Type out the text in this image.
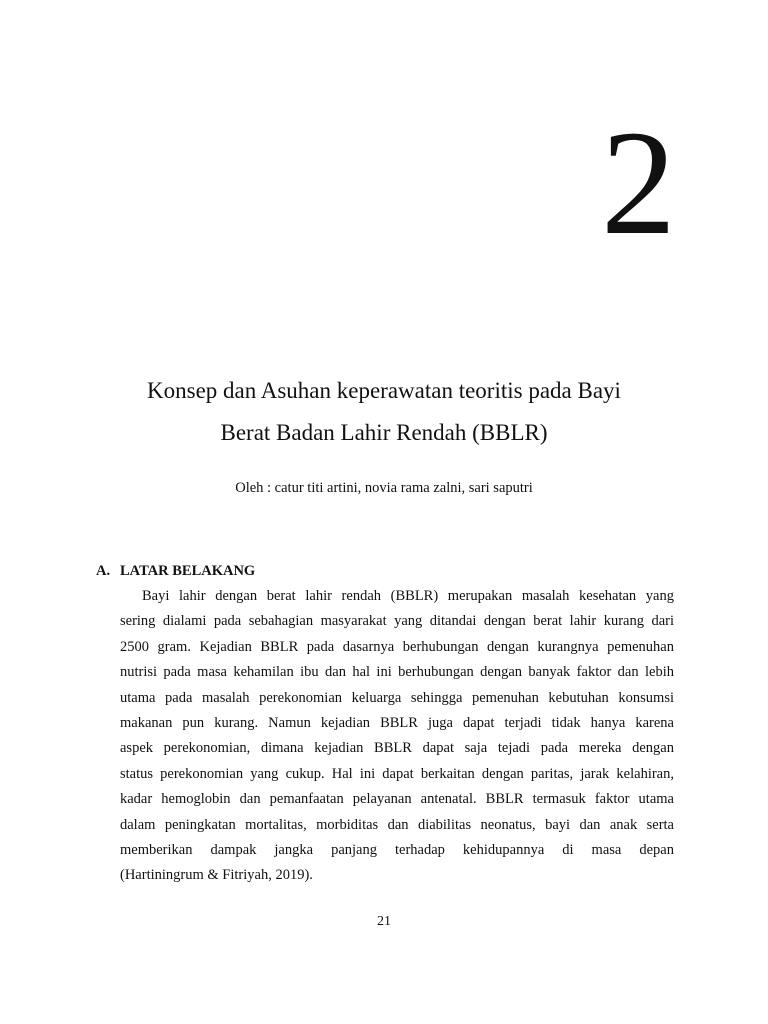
2
Konsep dan Asuhan keperawatan teoritis pada Bayi
Berat Badan Lahir Rendah (BBLR)
Oleh : catur titi artini, novia rama zalni, sari saputri
A. LATAR BELAKANG
Bayi lahir dengan berat lahir rendah (BBLR) merupakan masalah kesehatan yang
sering dialami pada sebahagian masyarakat yang ditandai dengan berat lahir kurang dari
2500 gram. Kejadian BBLR pada dasarnya berhubungan dengan kurangnya pemenuhan
nutrisi pada masa kehamilan ibu dan hal ini berhubungan dengan banyak faktor dan lebih
utama pada masalah perekonomian keluarga sehingga pemenuhan kebutuhan konsumsi
makanan pun kurang. Namun kejadian BBLR juga dapat terjadi tidak hanya karena
aspek perekonomian, dimana kejadian BBLR dapat saja tejadi pada mereka dengan
status perekonomian yang cukup. Hal ini dapat berkaitan dengan paritas, jarak kelahiran,
kadar hemoglobin dan pemanfaatan pelayanan antenatal. BBLR termasuk faktor utama
dalam peningkatan mortalitas, morbiditas dan diabilitas neonatus, bayi dan anak serta
memberikan dampak jangka panjang terhadap kehidupannya di masa depan
(Hartiningrum & Fitriyah, 2019).
21
